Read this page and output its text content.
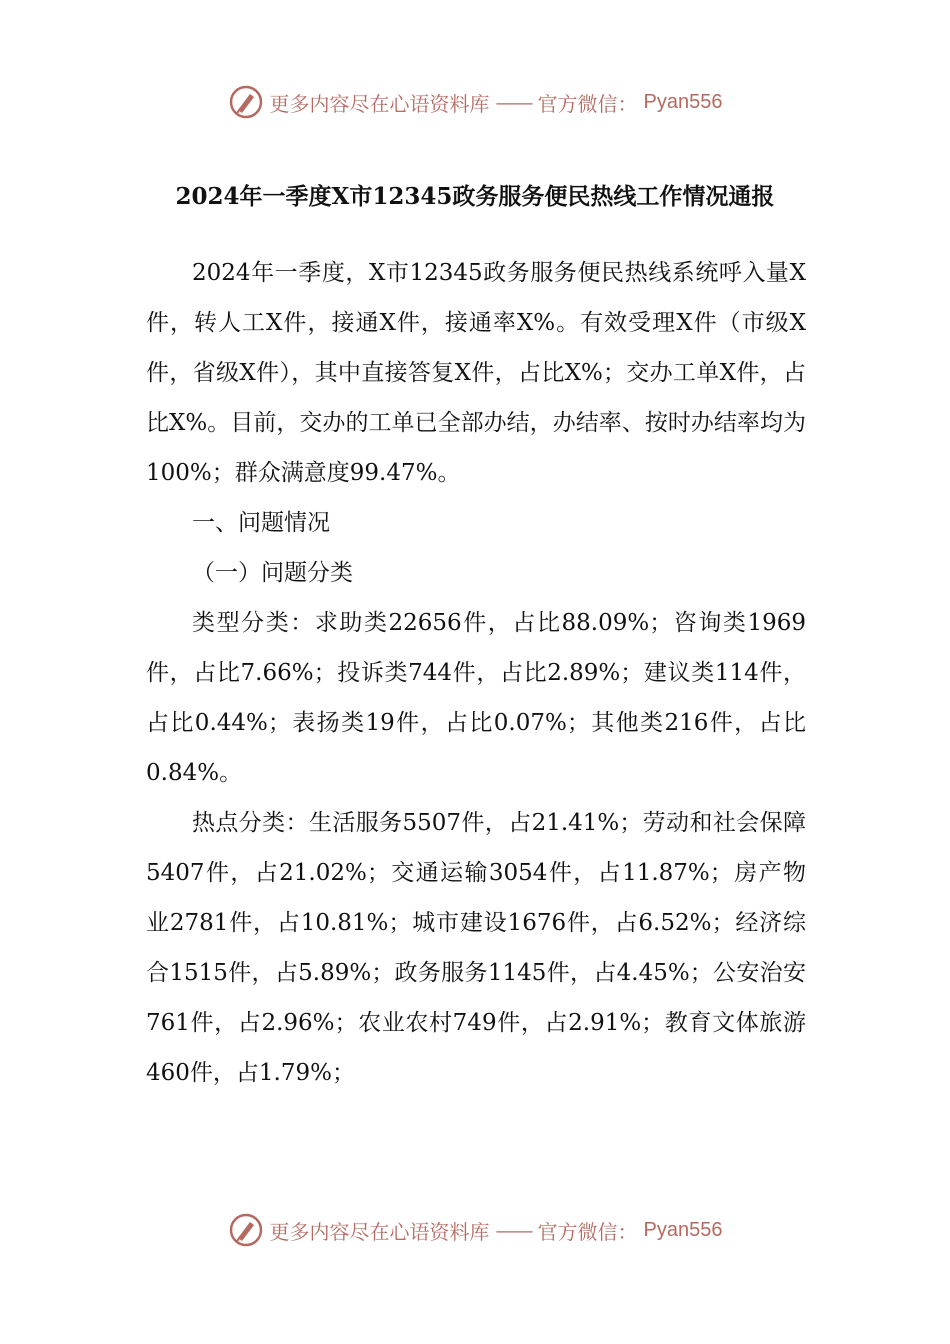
更多内容尽在心语资料库 —— 官方微信： Pyan556
2024年一季度X市12345政务服务便民热线工作情况通报

2024年一季度，X市12345政务服务便民热线系统呼入量X件，转人工X件，接通X件，接通率X%。有效受理X件（市级X件，省级X件），其中直接答复X件，占比X%；交办工单X件，占比X%。目前，交办的工单已全部办结，办结率、按时办结率均为100%；群众满意度99.47%。

一、问题情况

（一）问题分类

类型分类：求助类22656件，占比88.09%；咨询类1969件，占比7.66%；投诉类744件，占比2.89%；建议类114件，占比0.44%；表扬类19件，占比0.07%；其他类216件，占比0.84%。

热点分类：生活服务5507件，占21.41%；劳动和社会保障5407件，占21.02%；交通运输3054件，占11.87%；房产物业2781件，占10.81%；城市建设1676件，占6.52%；经济综合1515件，占5.89%；政务服务1145件，占4.45%；公安治安761件，占2.96%；农业农村749件，占2.91%；教育文体旅游460件，占1.79%；

更多内容尽在心语资料库 —— 官方微信： Pyan556
